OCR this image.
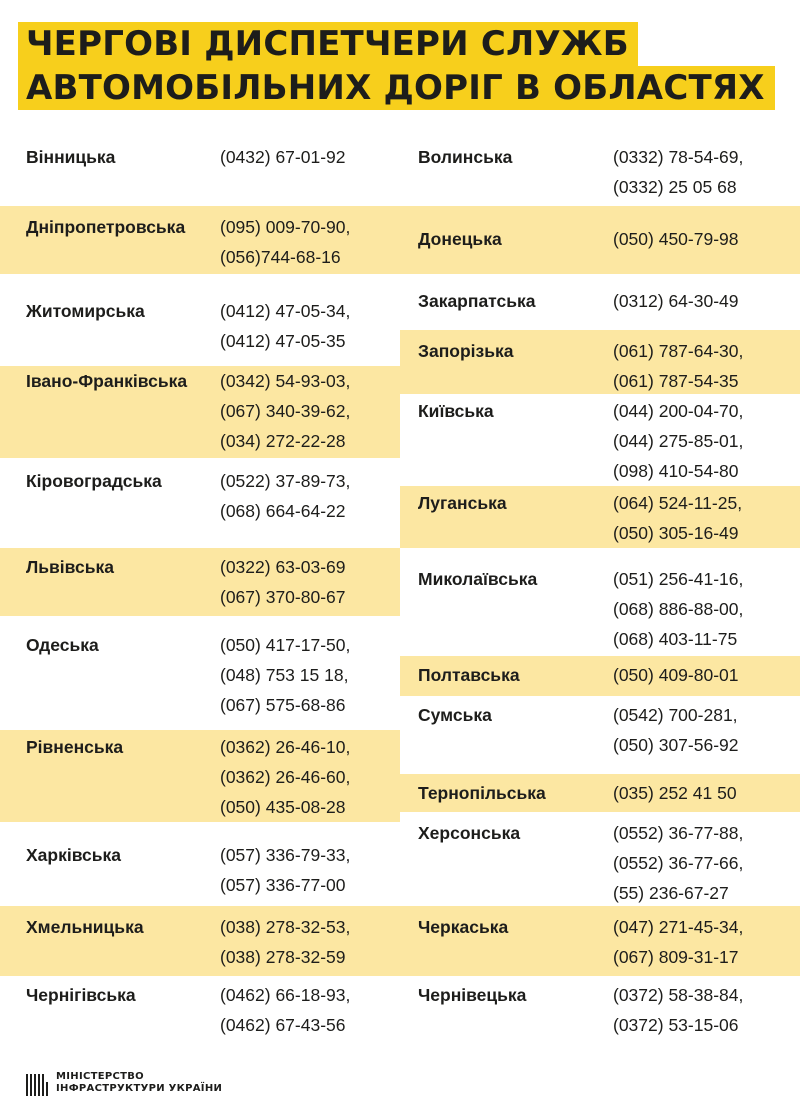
ЧЕРГОВІ ДИСПЕТЧЕРИ СЛУЖБ
АВТОМОБІЛЬНИХ ДОРІГ В ОБЛАСТЯХ
Вінницька	(0432) 67-01-92
Дніпропетровська (095) 009-70-90,
(056)744-68-16
Житомирська	(0412) 47-05-34,
(0412) 47-05-35
Івано-Франківська (0342) 54-93-03,
(067) 340-39-62,
(034) 272-22-28
Кіровоградська	(0522) 37-89-73,
(068) 664-64-22
Львівська	(0322) 63-03-69
(067) 370-80-67
Одеська	(050) 417-17-50,
(048) 753 15 18,
(067) 575-68-86
Рівненська	(0362) 26-46-10,
(0362) 26-46-60,
(050) 435-08-28
Харківська	(057) 336-79-33,
(057) 336-77-00
Хмельницька	(038) 278-32-53,
(038) 278-32-59
Чернігівська	(0462) 66-18-93,
(0462) 67-43-56
Волинська	(0332) 78-54-69,
(0332) 25 05 68
Донецька	(050) 450-79-98
Закарпатська	(0312) 64-30-49
Запорізька	(061) 787-64-30,
(061) 787-54-35
Київська	(044) 200-04-70,
(044) 275-85-01,
(098) 410-54-80
Луганська	(064) 524-11-25,
(050) 305-16-49
Миколаївська	(051) 256-41-16,
(068) 886-88-00,
(068) 403-11-75
Полтавська	(050) 409-80-01
Сумська	(0542) 700-281,
(050) 307-56-92
Тернопільська	(035) 252 41 50
Херсонська	(0552) 36-77-88,
(0552) 36-77-66,
(55) 236-67-27
Черкаська	(047) 271-45-34,
(067) 809-31-17
Чернівецька	(0372) 58-38-84,
(0372) 53-15-06
МІНІСТЕРСТВО
ІНФРАСТРУКТУРИ УКРАЇНИ
